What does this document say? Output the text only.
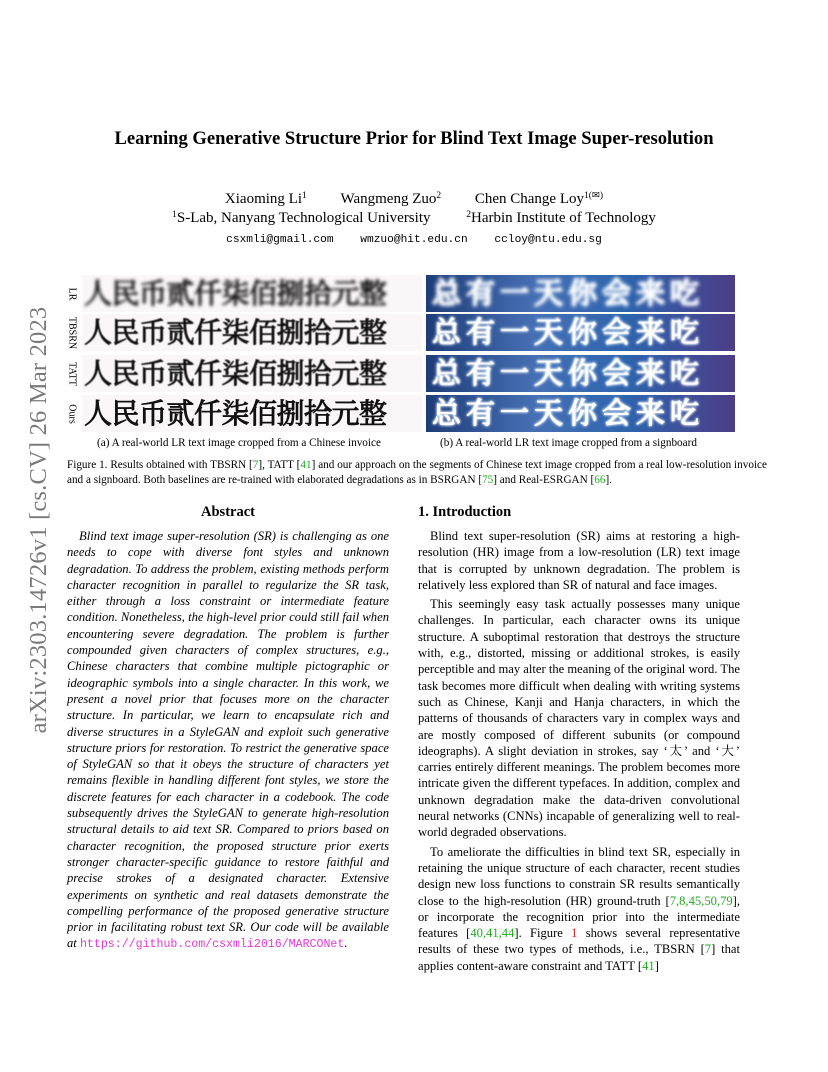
arXiv:2303.14726v1 [cs.CV] 26 Mar 2023
Learning Generative Structure Prior for Blind Text Image Super-resolution
Xiaoming Li$^1$ Wangmeng Zuo$^2$ Chen Change Loy$^{1(✉)}$
$^1$S-Lab, Nanyang Technological University	$^2$Harbin Institute of Technology
csxmli@gmail.com wmzuo@hit.edu.cn ccloy@ntu.edu.sg
LR 人民币贰仟柒佰捌拾元整	总有一天你会来吃
TBSRN 人民币贰仟柒佰捌拾元整	总有一天你会来吃
TATT 人民币贰仟柒佰捌拾元整	总有一天你会来吃
Ours 人民币贰仟柒佰捌拾元整	总有一天你会来吃
(a) A real-world LR text image cropped from a Chinese invoice	(b) A real-world LR text image cropped from a signboard
Figure 1. Results obtained with TBSRN [7], TATT [41] and our approach on the segments of Chinese text image cropped from a real low-resolution invoice and a signboard. Both baselines are re-trained with elaborated degradations as in BSRGAN [75] and Real-ESRGAN [66].
Abstract
Blind text image super-resolution (SR) is challenging as one needs to cope with diverse font styles and unknown degradation. To address the problem, existing methods perform character recognition in parallel to regularize the SR task, either through a loss constraint or intermediate feature condition. Nonetheless, the high-level prior could still fail when encountering severe degradation. The problem is further compounded given characters of complex structures, e.g., Chinese characters that combine multiple pictographic or ideographic symbols into a single character. In this work, we present a novel prior that focuses more on the character structure. In particular, we learn to encapsulate rich and diverse structures in a StyleGAN and exploit such generative structure priors for restoration. To restrict the generative space of StyleGAN so that it obeys the structure of characters yet remains flexible in handling different font styles, we store the discrete features for each character in a codebook. The code subsequently drives the StyleGAN to generate high-resolution structural details to aid text SR. Compared to priors based on character recognition, the proposed structure prior exerts stronger character-specific guidance to restore faithful and precise strokes of a designated character. Extensive experiments on synthetic and real datasets demonstrate the compelling performance of the proposed generative structure prior in facilitating robust text SR. Our code will be available at https://github.com/csxmli2016/MARCONet.
1. Introduction

Blind text super-resolution (SR) aims at restoring a high-resolution (HR) image from a low-resolution (LR) text image that is corrupted by unknown degradation. The problem is relatively less explored than SR of natural and face images.

This seemingly easy task actually possesses many unique challenges. In particular, each character owns its unique structure. A suboptimal restoration that destroys the structure with, e.g., distorted, missing or additional strokes, is easily perceptible and may alter the meaning of the original word. The task becomes more difficult when dealing with writing systems such as Chinese, Kanji and Hanja characters, in which the patterns of thousands of characters vary in complex ways and are mostly composed of different subunits (or compound ideographs). A slight deviation in strokes, say ‘太’ and ‘大’ carries entirely different meanings. The problem becomes more intricate given the different typefaces. In addition, complex and unknown degradation make the data-driven convolutional neural networks (CNNs) incapable of generalizing well to real-world degraded observations.

To ameliorate the difficulties in blind text SR, especially in retaining the unique structure of each character, recent studies design new loss functions to constrain SR results semantically close to the high-resolution (HR) ground-truth [7,8,45,50,79], or incorporate the recognition prior into the intermediate features [40,41,44]. Figure 1 shows several representative results of these two types of methods, i.e., TBSRN [7] that applies content-aware constraint and TATT [41]
